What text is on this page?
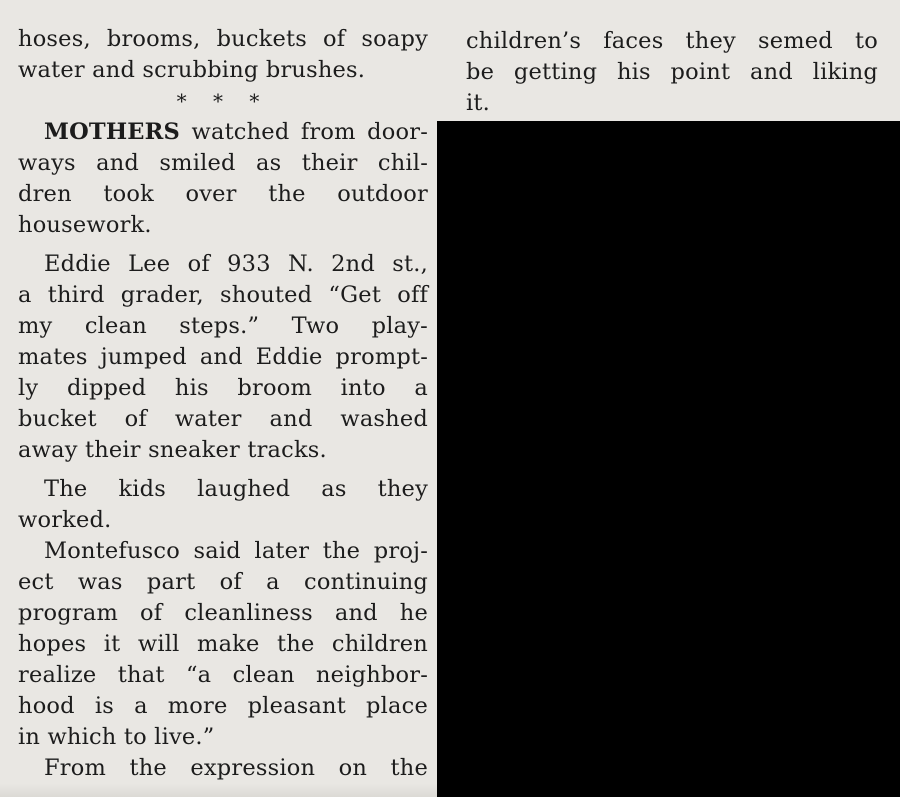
hoses, brooms, buckets of soapy
water and scrubbing brushes.
* * *
MOTHERS watched from door-
ways and smiled as their chil-
dren took over the outdoor
housework.
Eddie Lee of 933 N. 2nd st.,
a third grader, shouted “Get off
my clean steps.” Two play-
mates jumped and Eddie prompt-
ly dipped his broom into a
bucket of water and washed
away their sneaker tracks.
The kids laughed as they
worked.
Montefusco said later the proj-
ect was part of a continuing
program of cleanliness and he
hopes it will make the children
realize that “a clean neighbor-
hood is a more pleasant place
in which to live.”
From the expression on the
children’s faces they semed to
be getting his point and liking
it.
